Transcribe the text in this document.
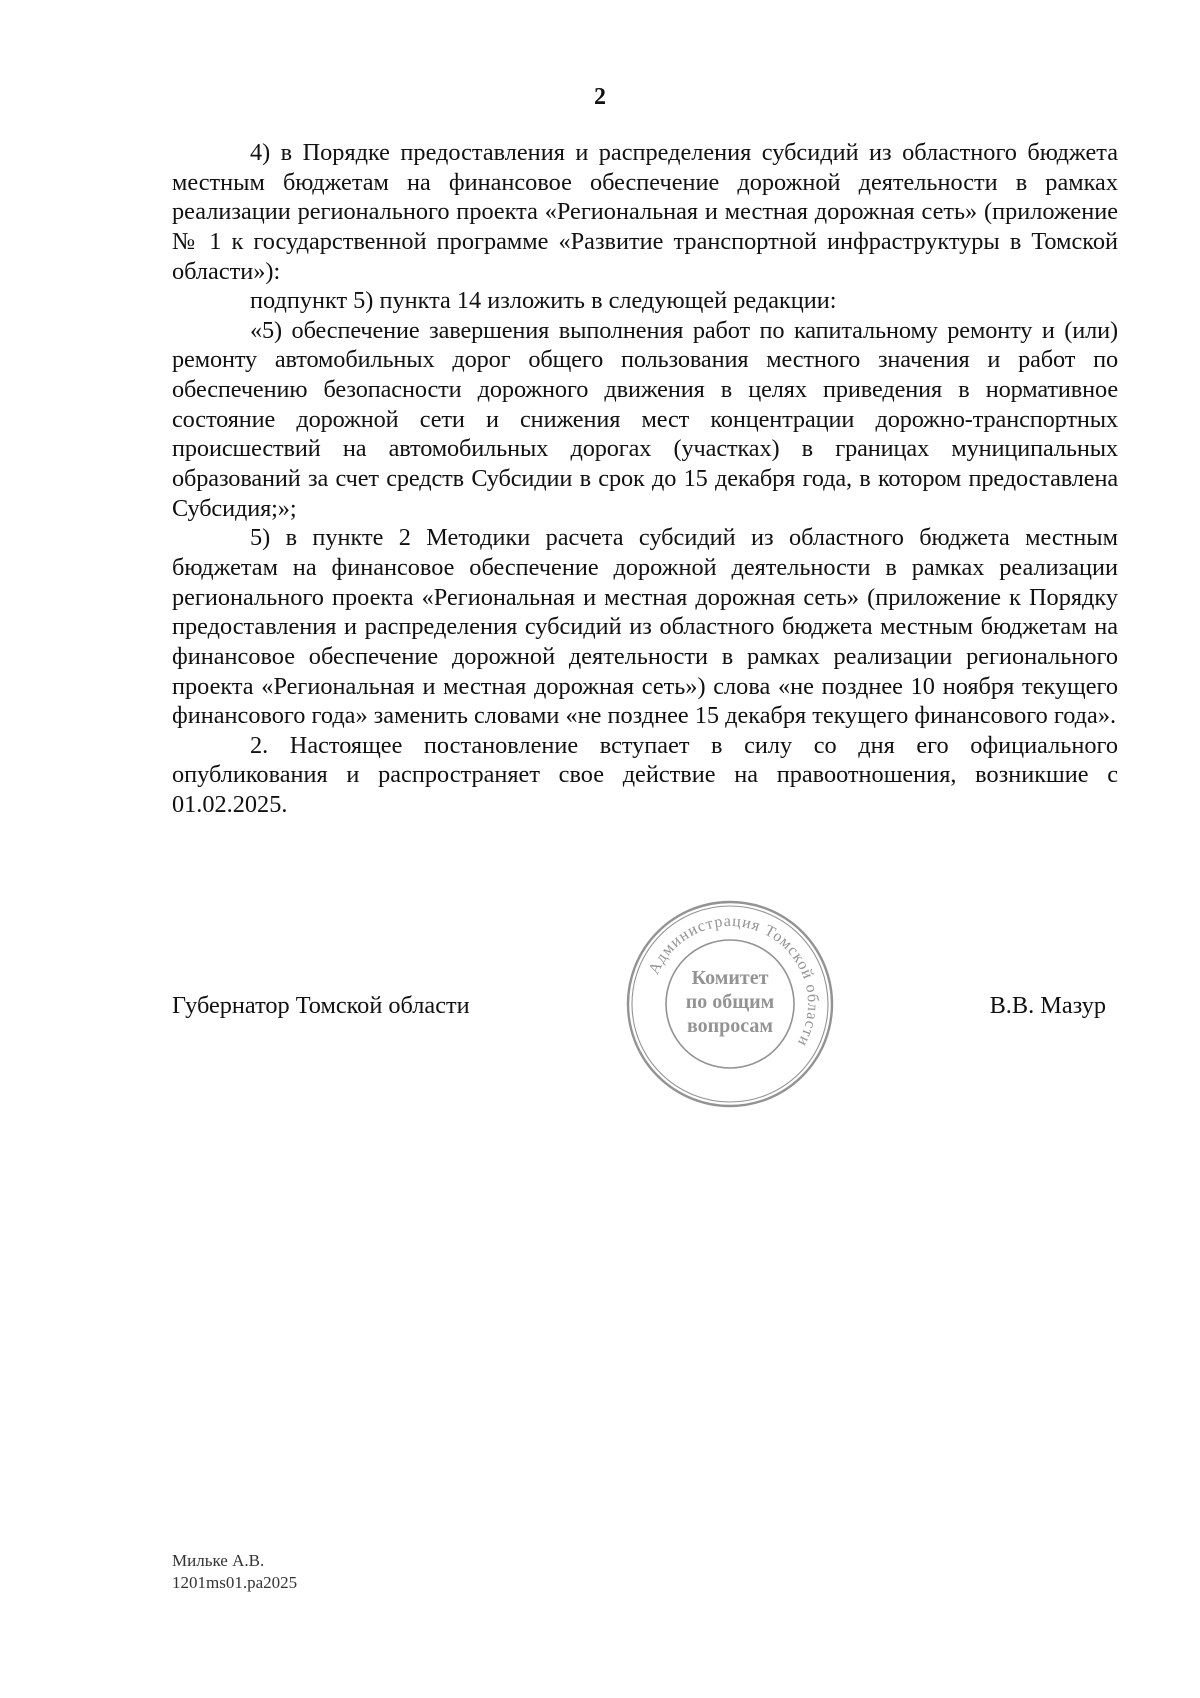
2

4) в Порядке предоставления и распределения субсидий из областного бюджета местным бюджетам на финансовое обеспечение дорожной деятельности в рамках реализации регионального проекта «Региональная и местная дорожная сеть» (приложение № 1 к государственной программе «Развитие транспортной инфраструктуры в Томской области»):

подпункт 5) пункта 14 изложить в следующей редакции:

«5) обеспечение завершения выполнения работ по капитальному ремонту и (или) ремонту автомобильных дорог общего пользования местного значения и работ по обеспечению безопасности дорожного движения в целях приведения в нормативное состояние дорожной сети и снижения мест концентрации дорожно-транспортных происшествий на автомобильных дорогах (участках) в границах муниципальных образований за счет средств Субсидии в срок до 15 декабря года, в котором предоставлена Субсидия;»;

5) в пункте 2 Методики расчета субсидий из областного бюджета местным бюджетам на финансовое обеспечение дорожной деятельности в рамках реализации регионального проекта «Региональная и местная дорожная сеть» (приложение к Порядку предоставления и распределения субсидий из областного бюджета местным бюджетам на финансовое обеспечение дорожной деятельности в рамках реализации регионального проекта «Региональная и местная дорожная сеть») слова «не позднее 10 ноября текущего финансового года» заменить словами «не позднее 15 декабря текущего финансового года».

2. Настоящее постановление вступает в силу со дня его официального опубликования и распространяет свое действие на правоотношения, возникшие с 01.02.2025.

Губернатор Томской области	В.В. Мазур
Администрация Томской области
Комитет
по общим
вопросам
Мильке А.В.
1201ms01.pa2025
